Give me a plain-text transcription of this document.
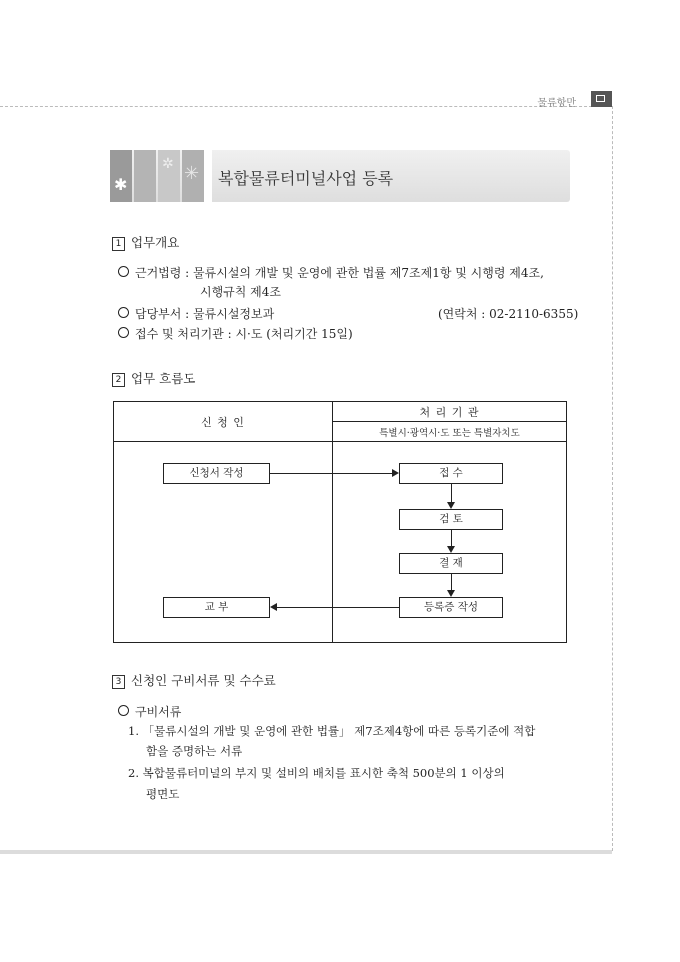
물류항만
✱
✲ ✳ 복합물류터미널사업 등록
1 업무개요
근거법령 : 물류시설의 개발 및 운영에 관한 법률 제7조제1항 및 시행령 제4조,
시행규칙 제4조
담당부서 : 물류시설정보과	(연락처 : 02-2110-6355)
접수 및 처리기관 : 시·도 (처리기간 15일)
2 업무 흐름도
신 청 인
처 리 기 관
특별시·광역시·도 또는 특별자치도
신청서 작성	접 수
검 토
결 재
등록증 작성
교 부
3 신청인 구비서류 및 수수료
구비서류
1. 「물류시설의 개발 및 운영에 관한 법률」 제7조제4항에 따른 등록기준에 적합
함을 증명하는 서류
2. 복합물류터미널의 부지 및 설비의 배치를 표시한 축척 500분의 1 이상의
평면도
